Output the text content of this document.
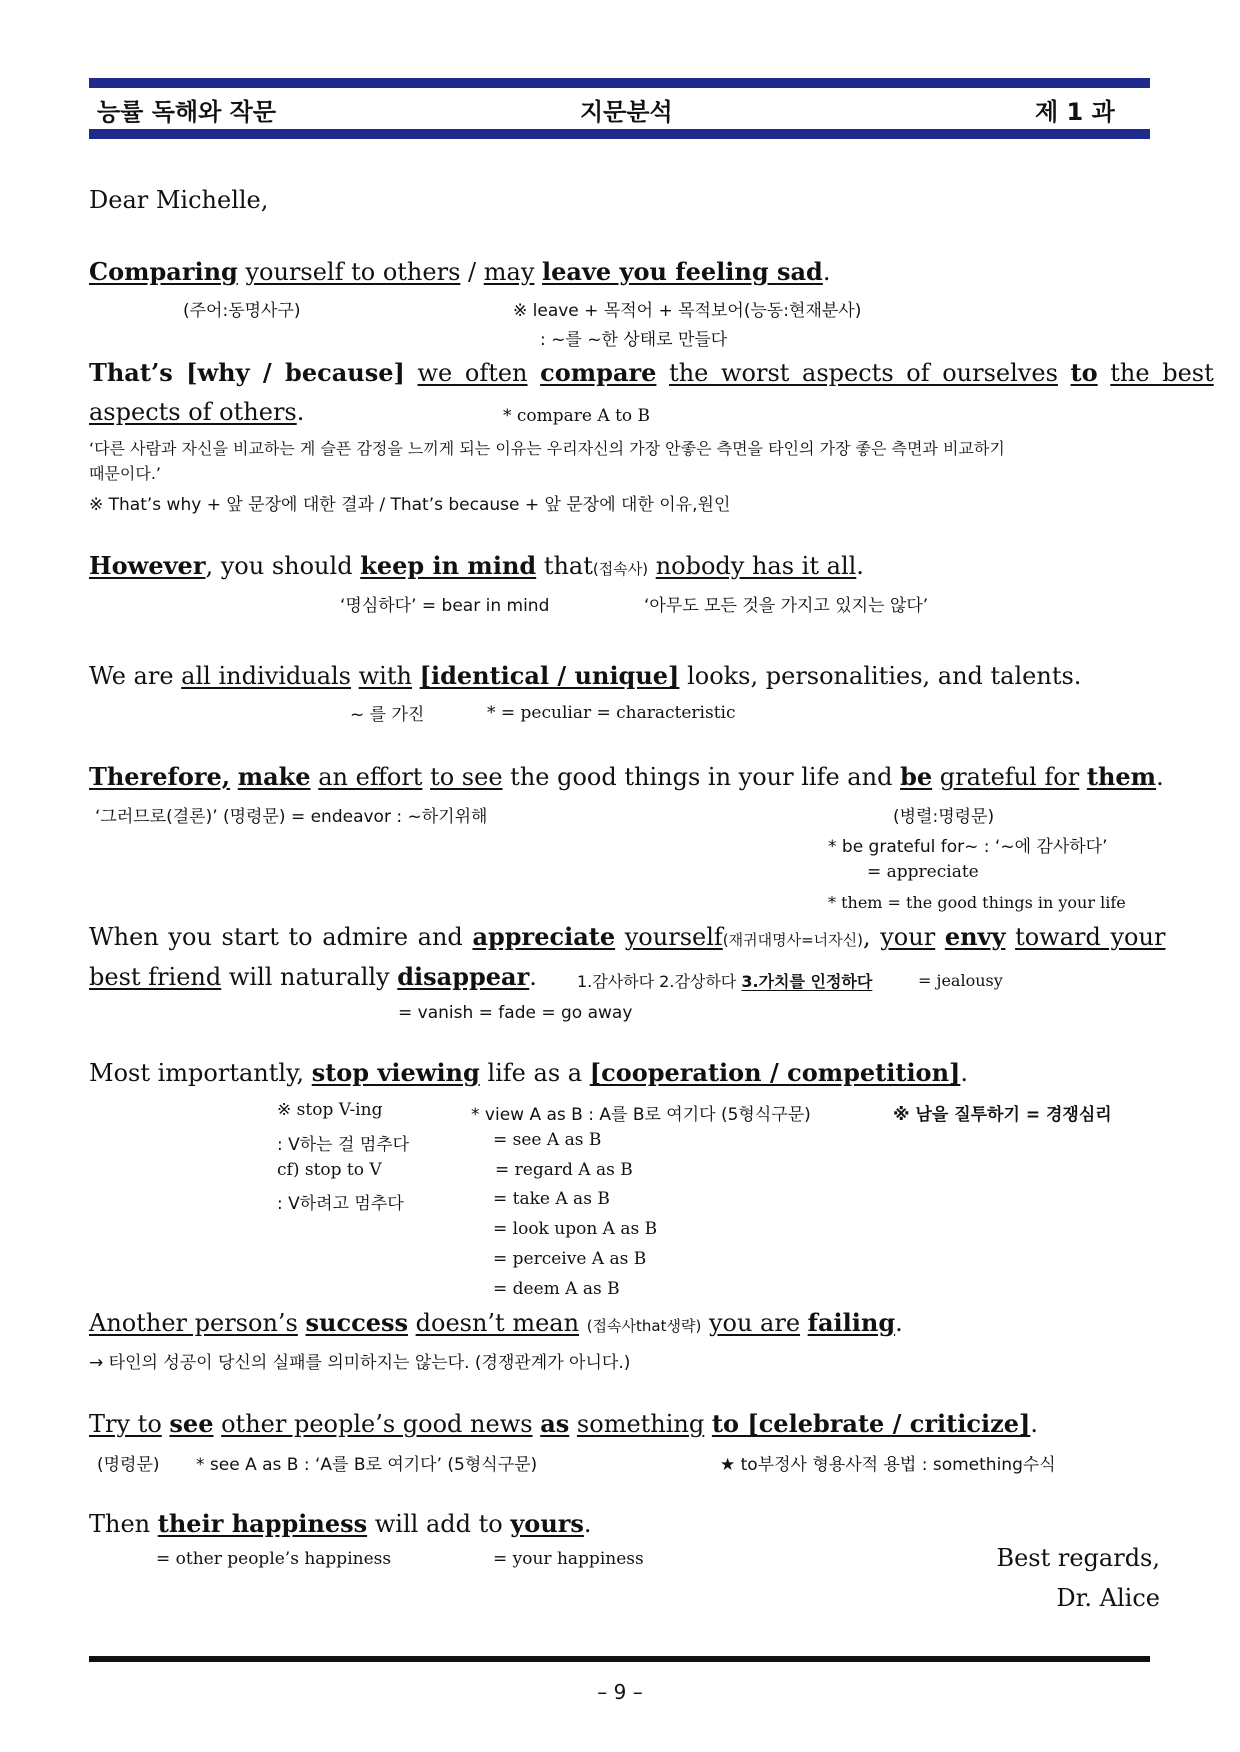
능률 독해와 작문	지문분석	제 1 과
Dear Michelle,
Comparing yourself to others / may leave you feeling sad.
(주어:동명사구)	※ leave + 목적어 + 목적보어(능동:현재분사)
: ~를 ~한 상태로 만들다
That’s [why / because] we often compare the worst aspects of ourselves to the best
aspects of others.	* compare A to B
‘다른 사람과 자신을 비교하는 게 슬픈 감정을 느끼게 되는 이유는 우리자신의 가장 안좋은 측면을 타인의 가장 좋은 측면과 비교하기
때문이다.’
※ That’s why + 앞 문장에 대한 결과 / That’s because + 앞 문장에 대한 이유,원인
However, you should keep in mind that(접속사) nobody has it all.
‘명심하다’ = bear in mind	‘아무도 모든 것을 가지고 있지는 않다’
We are all individuals with [identical / unique] looks, personalities, and talents.
~ 를 가진	* = peculiar = characteristic
Therefore, make an effort to see the good things in your life and be grateful for them.
‘그러므로(결론)’ (명령문) = endeavor : ~하기위해	(병렬:명령문)
* be grateful for~ : ‘~에 감사하다’
= appreciate
* them = the good things in your life
When you start to admire and appreciate yourself(재귀대명사=너자신), your envy toward your
best friend will naturally disappear.	1.감사하다 2.감상하다 3.가치를 인정하다	= jealousy
= vanish = fade = go away
Most importantly, stop viewing life as a [cooperation / competition].
※ stop V-ing
: V하는 걸 멈추다
cf) stop to V
: V하려고 멈추다
* view A as B : A를 B로 여기다 (5형식구문)
= see A as B
= regard A as B
= take A as B
= look upon A as B
= perceive A as B
= deem A as B
※ 남을 질투하기 = 경쟁심리
Another person’s success doesn’t mean (접속사that생략) you are failing.
→ 타인의 성공이 당신의 실패를 의미하지는 않는다. (경쟁관계가 아니다.)
Try to see other people’s good news as something to [celebrate / criticize].
(명령문) * see A as B : ‘A를 B로 여기다’ (5형식구문)	★ to부정사 형용사적 용법 : something수식
Then their happiness will add to yours.
= other people’s happiness	= your happiness	Best regards,
Dr. Alice
– 9 –
